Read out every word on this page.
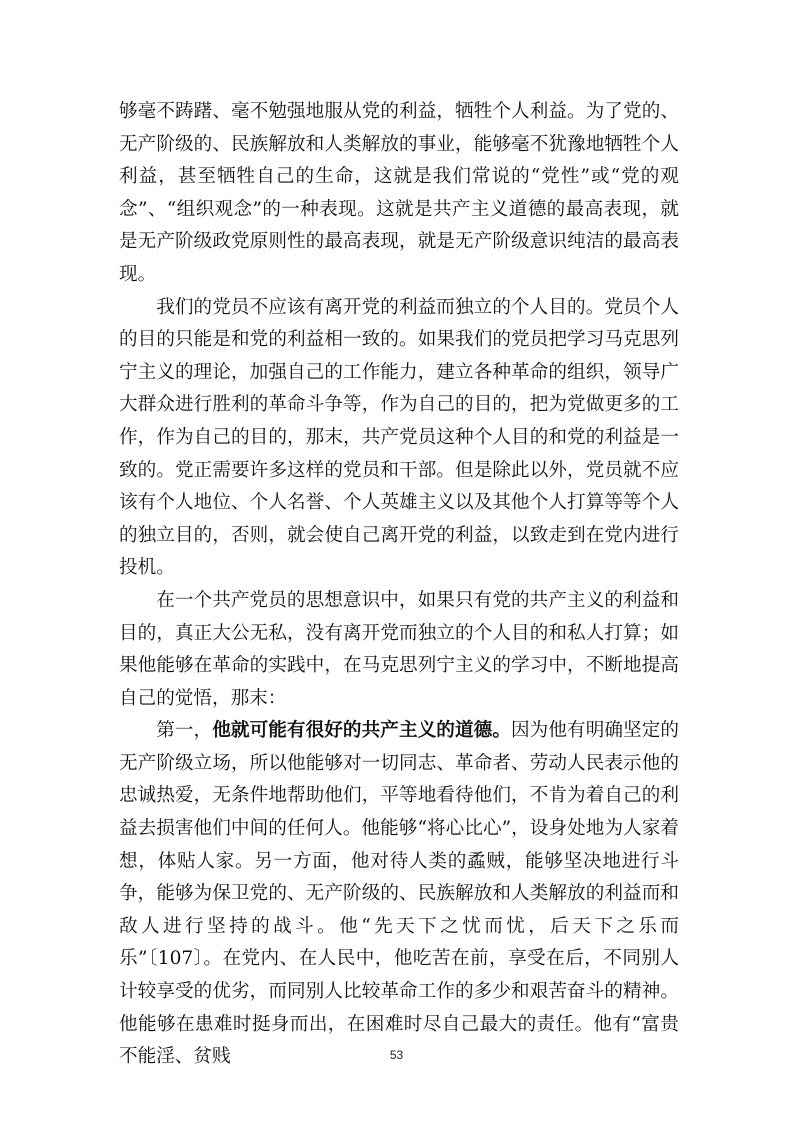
够毫不踌躇、毫不勉强地服从党的利益，牺牲个人利益。为了党的、无产阶级的、民族解放和人类解放的事业，能够毫不犹豫地牺牲个人利益，甚至牺牲自己的生命，这就是我们常说的“党性”或“党的观念”、“组织观念”的一种表现。这就是共产主义道德的最高表现，就是无产阶级政党原则性的最高表现，就是无产阶级意识纯洁的最高表现。

我们的党员不应该有离开党的利益而独立的个人目的。党员个人的目的只能是和党的利益相一致的。如果我们的党员把学习马克思列宁主义的理论，加强自己的工作能力，建立各种革命的组织，领导广大群众进行胜利的革命斗争等，作为自己的目的，把为党做更多的工作，作为自己的目的，那末，共产党员这种个人目的和党的利益是一致的。党正需要许多这样的党员和干部。但是除此以外，党员就不应该有个人地位、个人名誉、个人英雄主义以及其他个人打算等等个人的独立目的，否则，就会使自己离开党的利益，以致走到在党内进行投机。

在一个共产党员的思想意识中，如果只有党的共产主义的利益和目的，真正大公无私，没有离开党而独立的个人目的和私人打算；如果他能够在革命的实践中，在马克思列宁主义的学习中，不断地提高自己的觉悟，那末：

第一，他就可能有很好的共产主义的道德。因为他有明确坚定的无产阶级立场，所以他能够对一切同志、革命者、劳动人民表示他的忠诚热爱，无条件地帮助他们，平等地看待他们，不肯为着自己的利益去损害他们中间的任何人。他能够“将心比心”，设身处地为人家着想，体贴人家。另一方面，他对待人类的蟊贼，能够坚决地进行斗争，能够为保卫党的、无产阶级的、民族解放和人类解放的利益而和敌人进行坚持的战斗。他“先天下之忧而忧，后天下之乐而乐”〔107〕。在党内、在人民中，他吃苦在前，享受在后，不同别人计较享受的优劣，而同别人比较革命工作的多少和艰苦奋斗的精神。他能够在患难时挺身而出，在困难时尽自己最大的责任。他有“富贵不能淫、贫贱	53
